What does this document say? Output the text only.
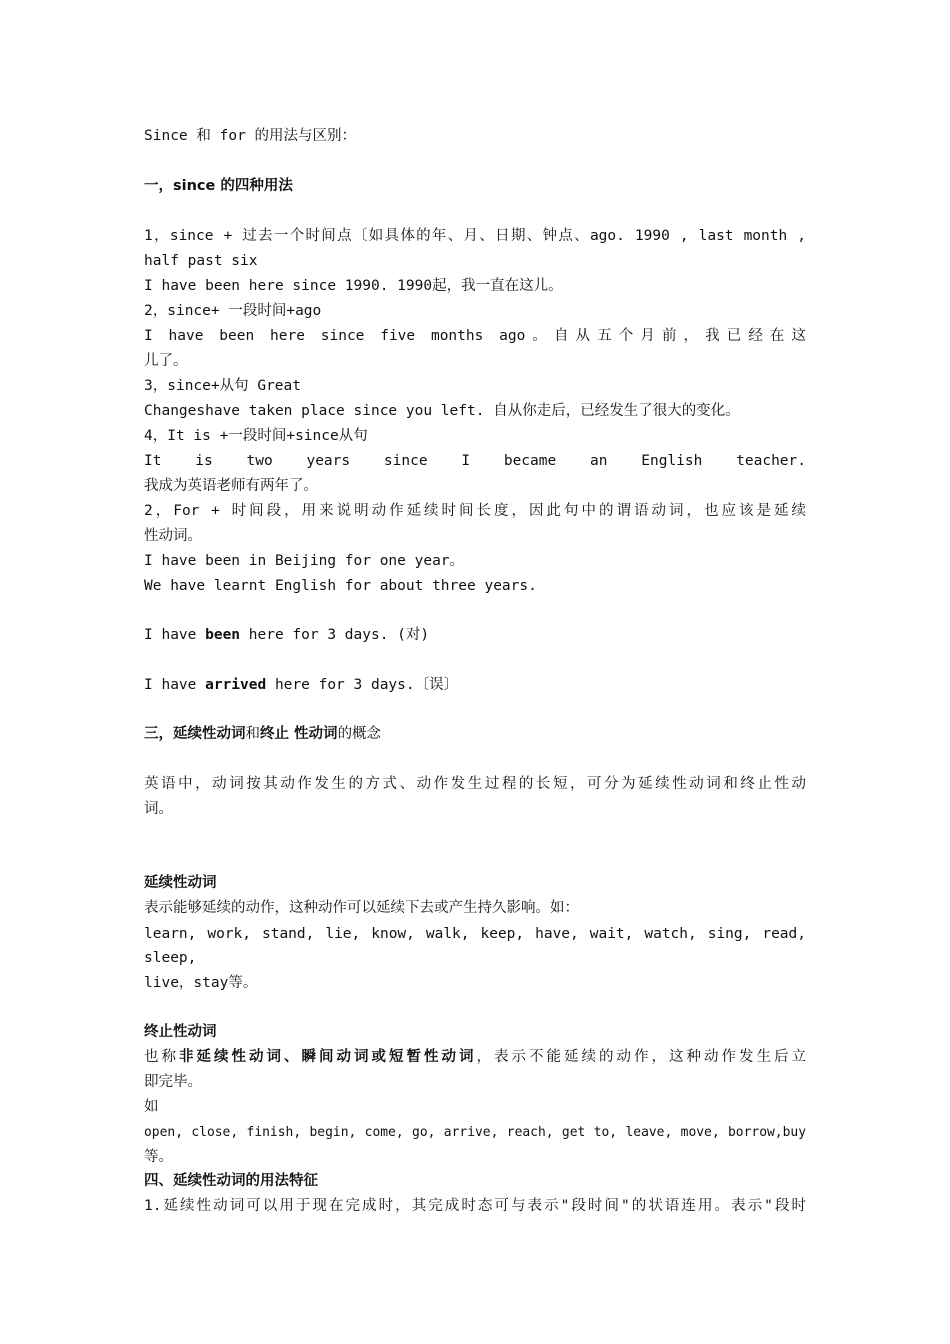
Since 和 for 的用法与区别：
一，since 的四种用法
1，since + 过去一个时间点〔如具体的年、月、日期、钟点、ago. 1990 , last month ,
half past six
I have been here since 1990. 1990起，我一直在这儿。
2，since+ 一段时间+ago
I have been here since five months ago。自从五个月前，我已经在这
儿了。
3，since+从句 Great
Changeshave taken place since you left. 自从你走后，已经发生了很大的变化。
4，It is +一段时间+since从句
It is two years since I became an English teacher.
我成为英语老师有两年了。
2，For + 时间段，用来说明动作延续时间长度，因此句中的谓语动词，也应该是延续
性动词。
I have been in Beijing for one year。
We have learnt English for about three years.
I have been here for 3 days. (对)
I have arrived here for 3 days.〔误〕
三，延续性动词和终止 性动词的概念
英语中，动词按其动作发生的方式、动作发生过程的长短，可分为延续性动词和终止性动
词。
延续性动词
表示能够延续的动作，这种动作可以延续下去或产生持久影响。如：
learn, work, stand, lie, know, walk, keep, have, wait, watch, sing, read,
sleep,
live，stay等。
终止性动词
也称非延续性动词、瞬间动词或短暂性动词，表示不能延续的动作，这种动作发生后立
即完毕。
如
open, close, finish, begin, come, go, arrive, reach, get to, leave, move, borrow,buy
等。
四、延续性动词的用法特征
1.延续性动词可以用于现在完成时，其完成时态可与表示"段时间"的状语连用。表示"段时
